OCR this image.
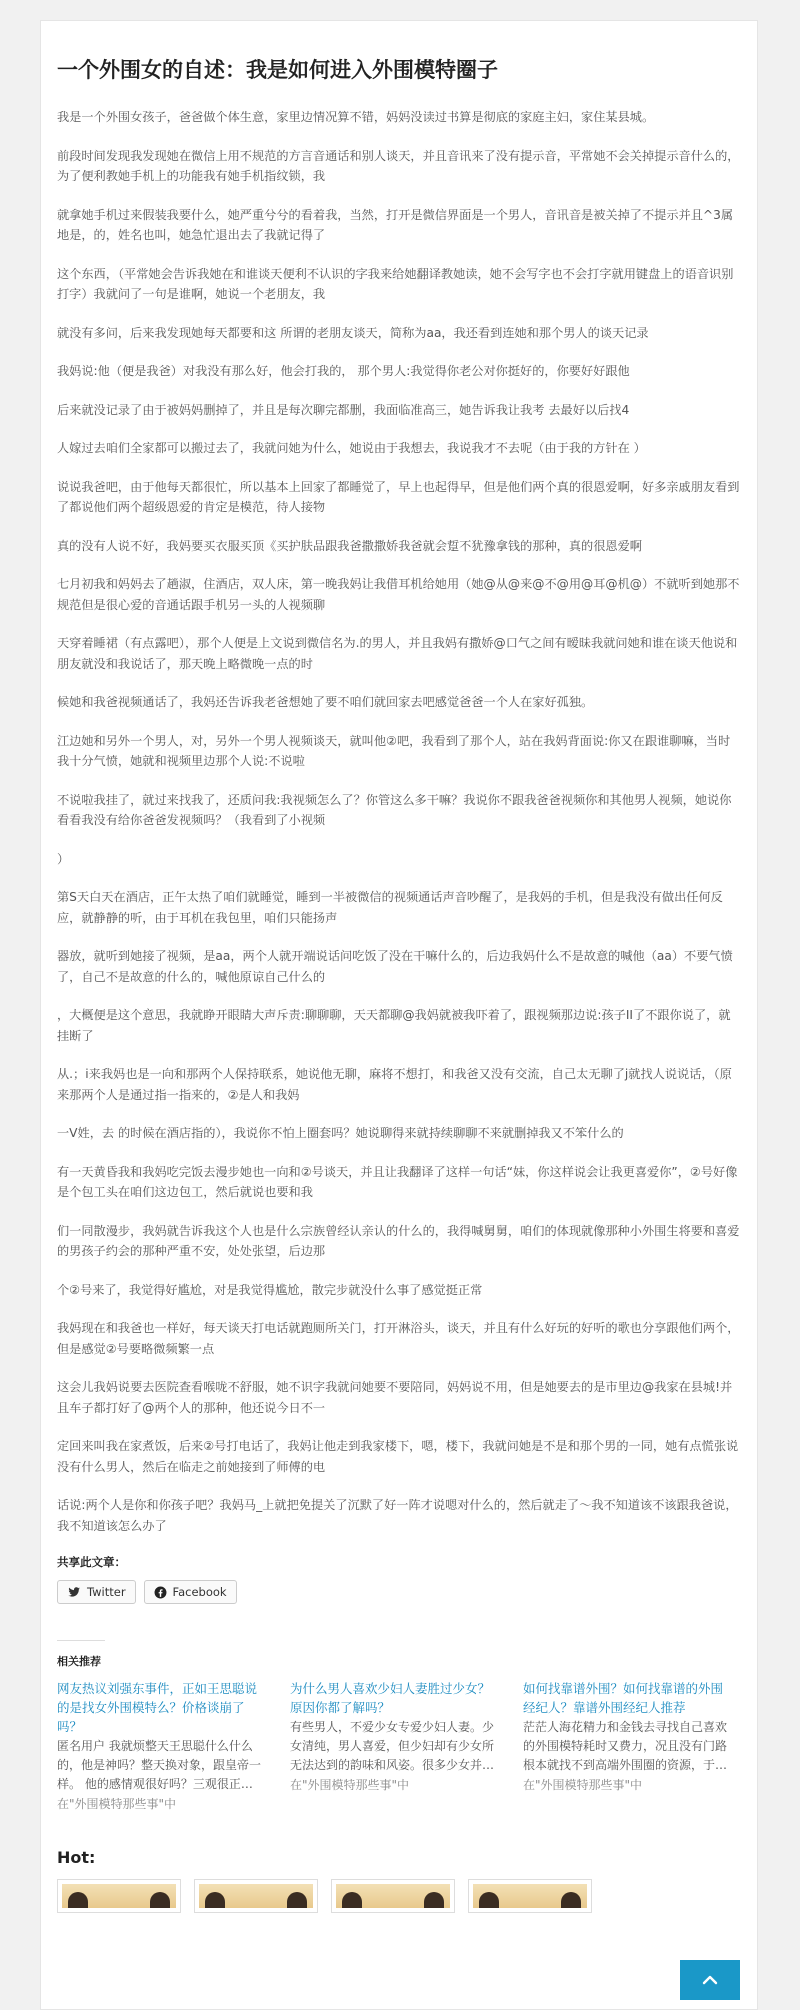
一个外围女的自述：我是如何进入外围模特圈子

我是一个外围女孩子，爸爸做个体生意，家里边情况算不错，妈妈没读过书算是彻底的家庭主妇，家住某县城。

前段时间发现我发现她在微信上用不规范的方言音通话和别人谈天，并且音讯来了没有提示音，平常她不会关掉提示音什么的，为了便利教她手机上的功能我有她手机指纹锁，我

就拿她手机过来假装我要什么，她严重兮兮的看着我，当然，打开是微信界面是一个男人，音讯音是被关掉了不提示并且^3属地是，的，姓名也叫，她急忙退出去了我就记得了

这个东西，（平常她会告诉我她在和谁谈天便利不认识的字我来给她翻译教她读，她不会写字也不会打字就用键盘上的语音识别打字）我就问了一句是谁啊，她说一个老朋友，我

就没有多问，后来我发现她每天都要和这 所谓的老朋友谈天，简称为aa，我还看到连她和那个男人的谈天记录

我妈说:他（便是我爸）对我没有那么好，他会打我的， 那个男人:我觉得你老公对你挺好的，你要好好跟他

后来就没记录了由于被妈妈删掉了，并且是每次聊完都删，我面临准高三，她告诉我让我考 去最好以后找4

人嫁过去咱们全家都可以搬过去了，我就问她为什么，她说由于我想去，我说我才不去呢（由于我的方针在 ）

说说我爸吧，由于他每天都很忙，所以基本上回家了都睡觉了，早上也起得早，但是他们两个真的很恩爱啊，好多亲戚朋友看到了都说他们两个超级恩爱的肯定是模范，待人接物

真的没有人说不好，我妈要买衣服买顶《买护肤品跟我爸撒撒娇我爸就会踅不犹豫拿钱的那种，真的很恩爱啊

七月初我和妈妈去了趟淑，住酒店，双人床，第一晚我妈让我借耳机给她用（她@从@来@不@用@耳@机@）不就听到她那不规范但是很心爱的音通话跟手机另一头的人视频聊

天穿着睡裙（有点露吧），那个人便是上文说到微信名为.的男人，并且我妈有撒娇@口气之间有暧昧我就问她和谁在谈天他说和朋友就没和我说话了，那天晚上略微晚一点的时

候她和我爸视频通话了，我妈还告诉我老爸想她了要不咱们就回家去吧感觉爸爸一个人在家好孤独。

江边她和另外一个男人，对，另外一个男人视频谈天，就叫他②吧，我看到了那个人，站在我妈背面说:你又在跟谁聊嘛，当时我十分气愤，她就和视频里边那个人说:不说啦

不说啦我挂了，就过来找我了，还质问我:我视频怎么了？你管这么多干嘛？我说你不跟我爸爸视频你和其他男人视频，她说你看看我没有给你爸爸发视频吗？（我看到了小视频

）

第S天白天在酒店，正午太热了咱们就睡觉，睡到一半被微信的视频通话声音吵醒了，是我妈的手机，但是我没有做出任何反应，就静静的听，由于耳机在我包里，咱们只能扬声

器放，就听到她接了视频，是aa，两个人就开端说话问吃饭了没在干嘛什么的，后边我妈什么不是故意的喊他（aa）不要气愤了，自己不是故意的什么的，喊他原谅自己什么的

，大概便是这个意思，我就睁开眼睛大声斥责:聊聊聊，天天都聊@我妈就被我吓着了，跟视频那边说:孩子II了不跟你说了，就挂断了

从.；i来我妈也是一向和那两个人保持联系，她说他无聊，麻将不想打，和我爸又没有交流，自己太无聊了j就找人说说话，（原来那两个人是通过指一指来的，②是人和我妈

一V姓，去 的时候在酒店指的），我说你不怕上圈套吗？她说聊得来就持续聊聊不来就删掉我又不笨什么的

有一天黄昏我和我妈吃完饭去漫步她也一向和②号谈天，并且让我翻译了这样一句话“妹，你这样说会让我更喜爱你”，②号好像是个包工头在咱们这边包工，然后就说也要和我

们一同散漫步，我妈就告诉我这个人也是什么宗族曾经认亲认的什么的，我得喊舅舅，咱们的体现就像那种小外围生将要和喜爱的男孩子约会的那种严重不安，处处张望，后边那

个②号来了，我觉得好尴尬，对是我觉得尴尬，散完步就没什么事了感觉挺正常

我妈现在和我爸也一样好，每天谈天打电话就跑厕所关门，打开淋浴头，谈天，并且有什么好玩的好听的歌也分享跟他们两个，但是感觉②号要略微频繁一点

这会儿我妈说要去医院查看喉咙不舒服，她不识字我就问她要不要陪同，妈妈说不用，但是她要去的是市里边@我家在县城!并且车子都打好了@两个人的那种，他还说今日不一

定回来叫我在家煮饭，后来②号打电话了，我妈让他走到我家楼下，嗯，楼下，我就问她是不是和那个男的一同，她有点慌张说没有什么男人，然后在临走之前她接到了师傅的电

话说:两个人是你和你孩子吧？我妈马_上就把免提关了沉默了好一阵才说嗯对什么的，然后就走了～我不知道该不该跟我爸说，我不知道该怎么办了

共享此文章：
Twitter	Facebook
相关推荐
网友热议刘强东事件，正如王思聪说的是找女外围模特么？价格谈崩了吗？
匿名用户 我就烦整天王思聪什么什么的，他是神吗？整天换对象，跟皇帝一样。 他的感情观很好吗？三观很正…
在"外围模特那些事"中
为什么男人喜欢少妇人妻胜过少女？原因你都了解吗？
有些男人，不爱少女专爱少妇人妻。少女清纯，男人喜爱，但少妇却有少女所无法达到的韵味和风姿。很多少女并…
在"外围模特那些事"中
如何找靠谱外围？如何找靠谱的外围经纪人？靠谱外围经纪人推荐
茫茫人海花精力和金钱去寻找自己喜欢的外围模特耗时又费力，况且没有门路根本就找不到高端外围圈的资源，于…
在"外围模特那些事"中
Hot:
